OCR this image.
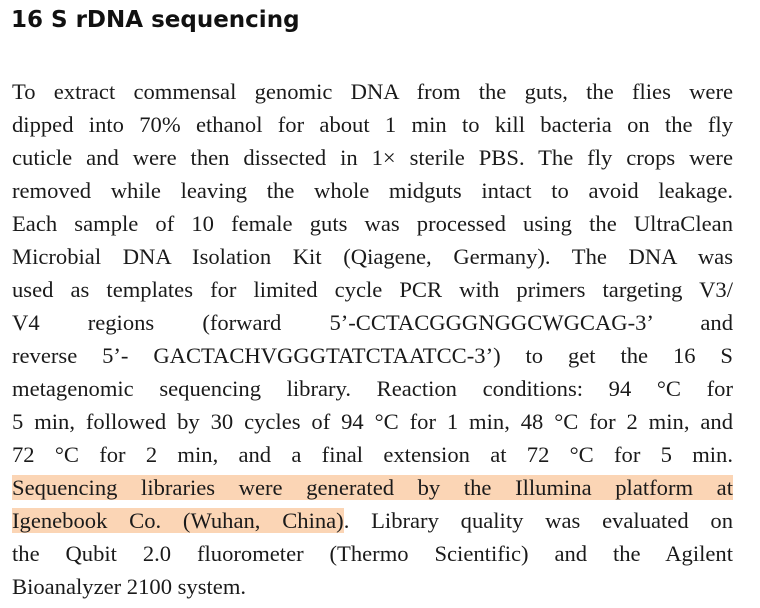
16 S rDNA sequencing
To extract commensal genomic DNA from the guts, the flies were
dipped into 70% ethanol for about 1 min to kill bacteria on the fly
cuticle and were then dissected in 1× sterile PBS. The fly crops were
removed while leaving the whole midguts intact to avoid leakage.
Each sample of 10 female guts was processed using the UltraClean
Microbial DNA Isolation Kit (Qiagene, Germany). The DNA was
used as templates for limited cycle PCR with primers targeting V3/
V4 regions (forward 5’-CCTACGGGNGGCWGCAG-3’ and
reverse 5’- GACTACHVGGGTATCTAATCC-3’) to get the 16 S
metagenomic sequencing library. Reaction conditions: 94 °C for
5 min, followed by 30 cycles of 94 °C for 1 min, 48 °C for 2 min, and
72 °C for 2 min, and a final extension at 72 °C for 5 min.
Sequencing libraries were generated by the Illumina platform at
Igenebook Co. (Wuhan, China). Library quality was evaluated on
the Qubit 2.0 fluorometer (Thermo Scientific) and the Agilent
Bioanalyzer 2100 system.
